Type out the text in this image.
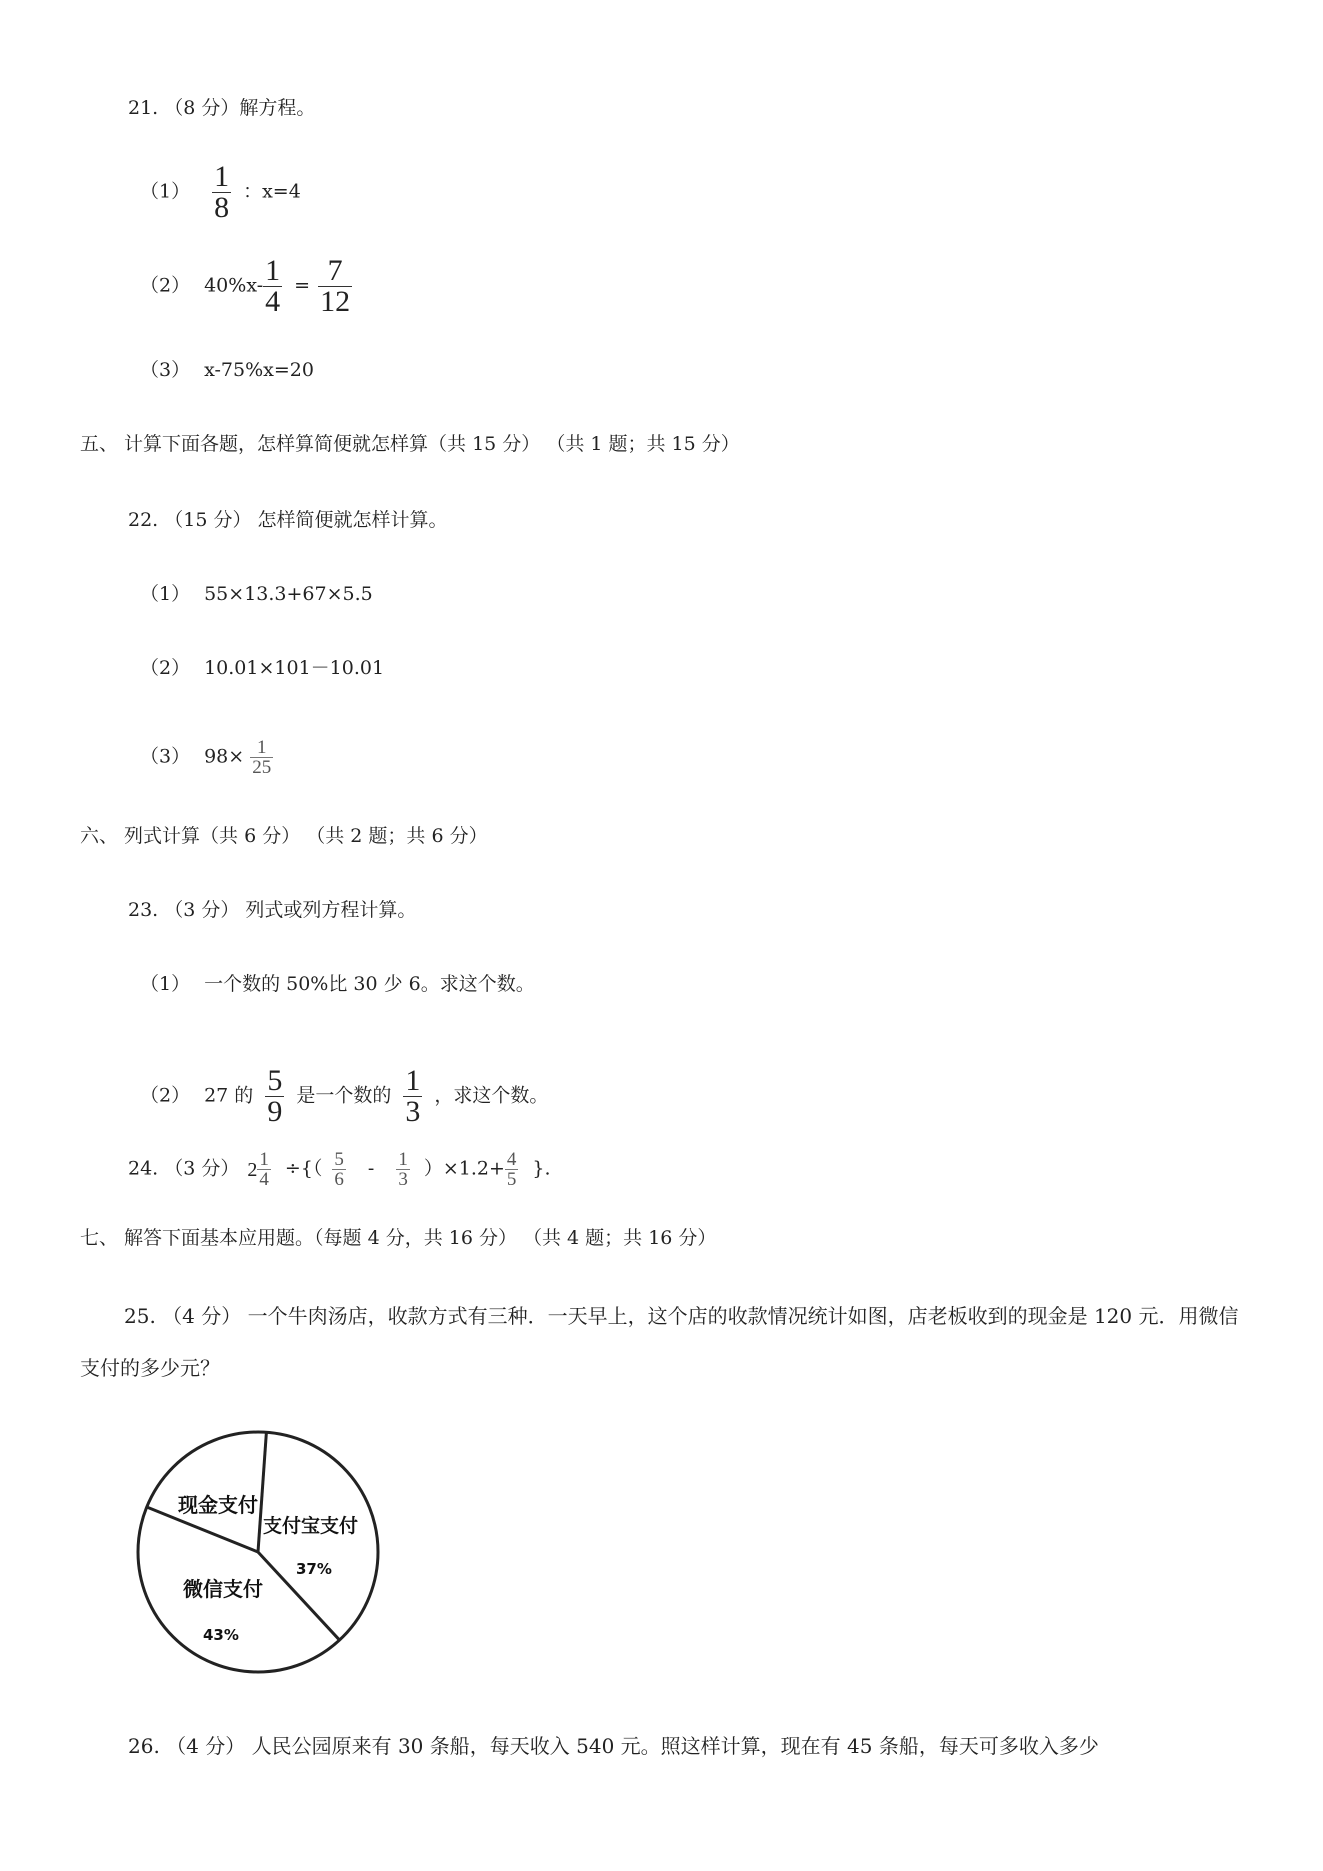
21. （8 分）解方程。
$(1) \frac{1}{8}$ ：x=4
（2） $40\%x- \frac{1}{4} = \frac{7}{12}$
（3） x-75%x=20
五、 计算下面各题，怎样算简便就怎样算（共 15 分） （共 1 题；共 15 分）
22. （15 分） 怎样简便就怎样计算。
（1） 55×13.3+67×5.5
（2） 10.01×101－10.01
（3） $98\times \frac{1}{25}$
六、 列式计算（共 6 分） （共 2 题；共 6 分）
23. （3 分） 列式或列方程计算。
（1） 一个数的 50%比 30 少 6。求这个数。
（2） 27 的 $\frac{5}{9}$ 是一个数的 $\frac{1}{3}$ ，求这个数。
24. （3 分） $2 \frac{1}{4}$ ÷{（ $\frac{5}{6} - \frac{1}{3} )\times 1.2+ \frac{4}{5}$ }.
七、 解答下面基本应用题。（每题 4 分，共 16 分） （共 4 题；共 16 分）
25. （4 分） 一个牛肉汤店，收款方式有三种．一天早上，这个店的收款情况统计如图，店老板收到的现金是 120 元．用微信支付的多少元？
现金支付
支付宝支付
37%
微信支付
43%
26. （4 分） 人民公园原来有 30 条船，每天收入 540 元。照这样计算，现在有 45 条船，每天可多收入多少
